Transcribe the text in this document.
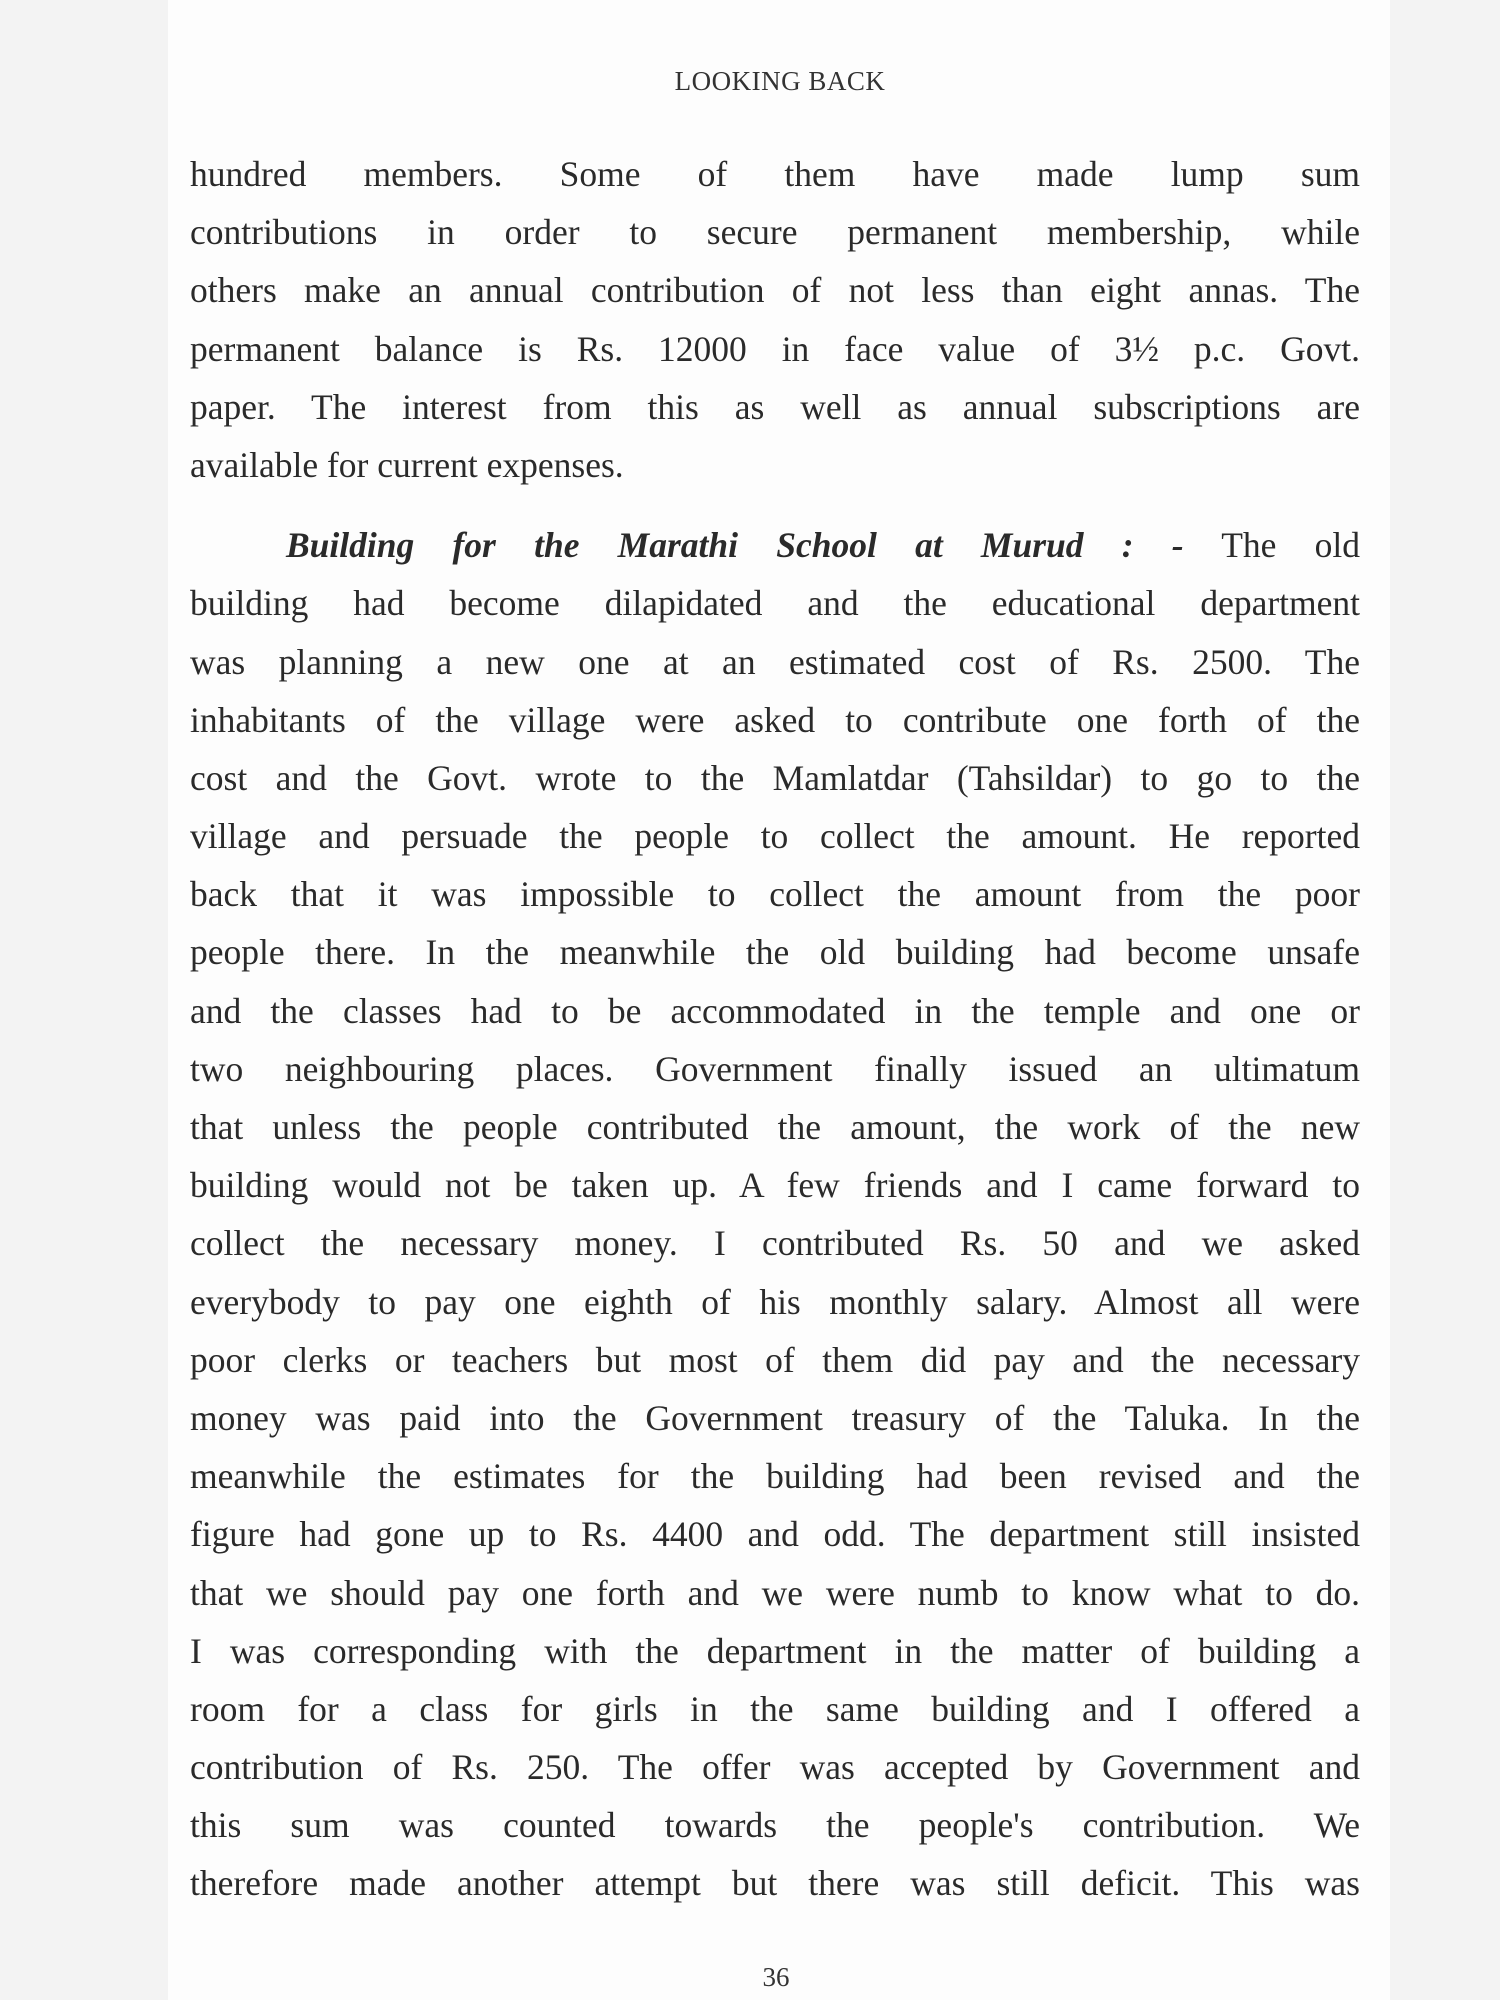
LOOKING BACK
hundred members. Some of them have made lump sum
contributions in order to secure permanent membership, while
others make an annual contribution of not less than eight annas. The
permanent balance is Rs. 12000 in face value of 3½ p.c. Govt.
paper. The interest from this as well as annual subscriptions are
available for current expenses.
Building for the Marathi School at Murud : - The old
building had become dilapidated and the educational department
was planning a new one at an estimated cost of Rs. 2500. The
inhabitants of the village were asked to contribute one forth of the
cost and the Govt. wrote to the Mamlatdar (Tahsildar) to go to the
village and persuade the people to collect the amount. He reported
back that it was impossible to collect the amount from the poor
people there. In the meanwhile the old building had become unsafe
and the classes had to be accommodated in the temple and one or
two neighbouring places. Government finally issued an ultimatum
that unless the people contributed the amount, the work of the new
building would not be taken up. A few friends and I came forward to
collect the necessary money. I contributed Rs. 50 and we asked
everybody to pay one eighth of his monthly salary. Almost all were
poor clerks or teachers but most of them did pay and the necessary
money was paid into the Government treasury of the Taluka. In the
meanwhile the estimates for the building had been revised and the
figure had gone up to Rs. 4400 and odd. The department still insisted
that we should pay one forth and we were numb to know what to do.
I was corresponding with the department in the matter of building a
room for a class for girls in the same building and I offered a
contribution of Rs. 250. The offer was accepted by Government and
this sum was counted towards the people's contribution. We
therefore made another attempt but there was still deficit. This was
36
